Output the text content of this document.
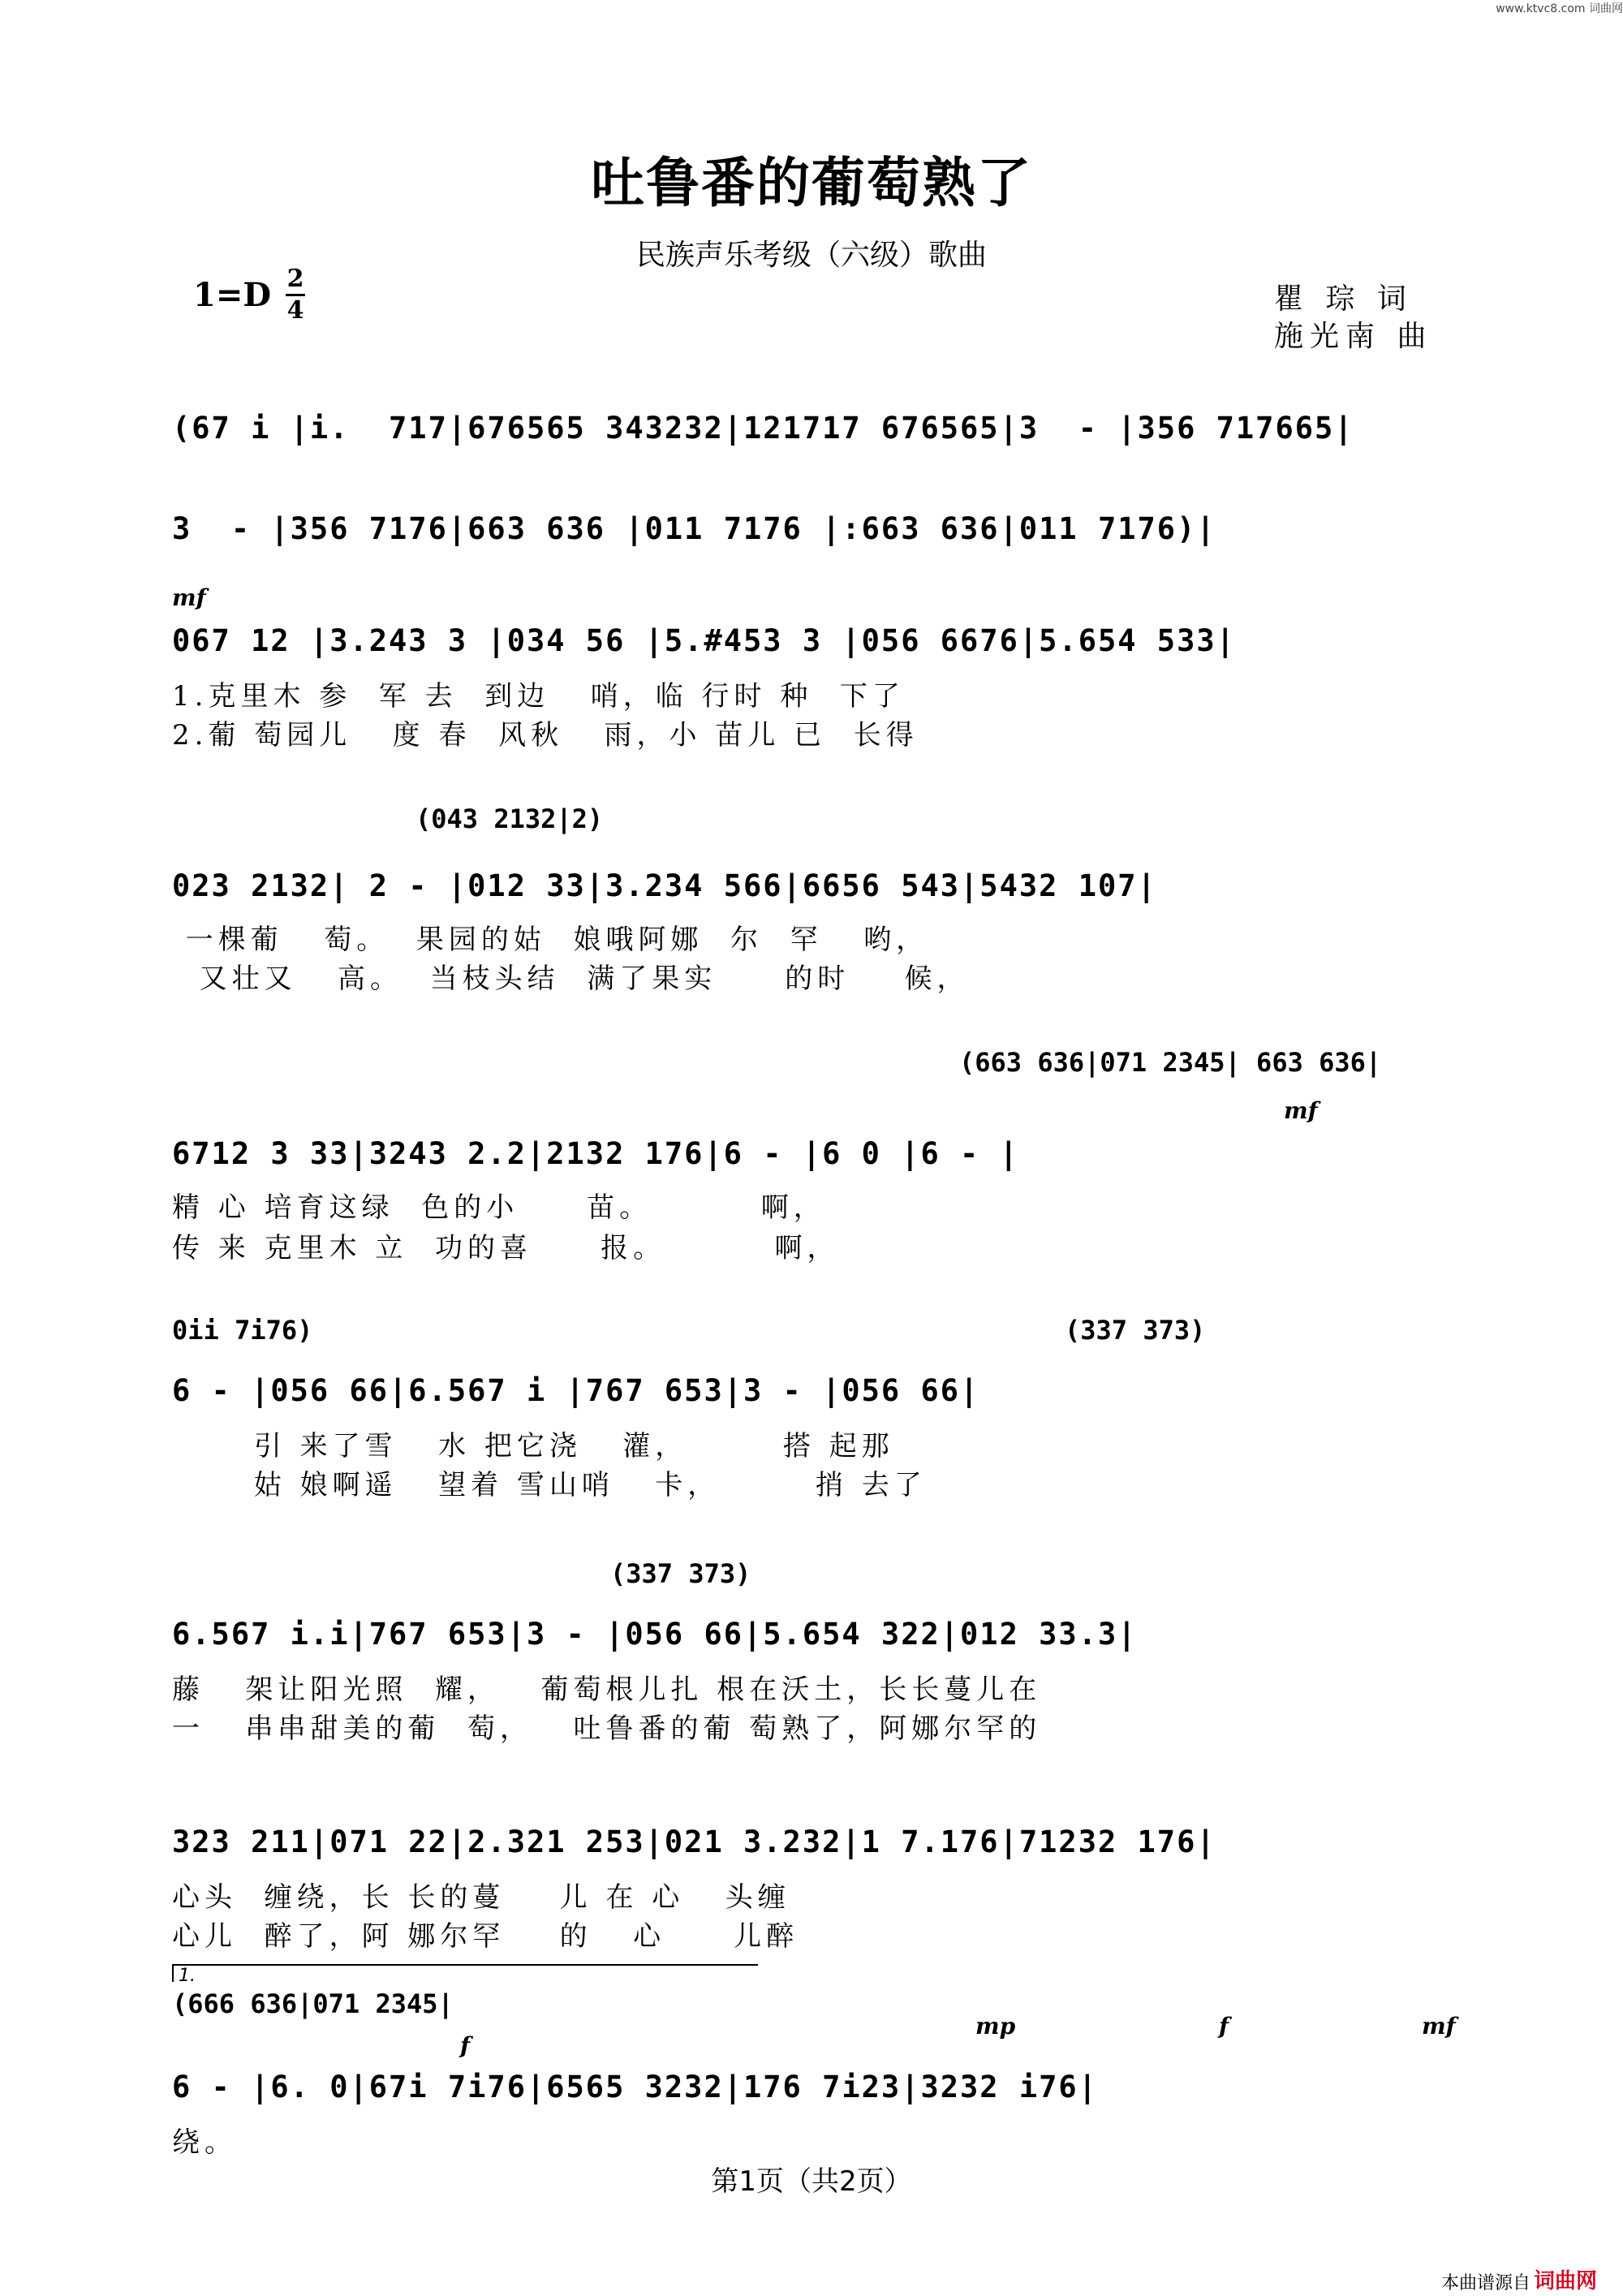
www.ktvc8.com 词曲网
吐鲁番的葡萄熟了
民族声乐考级（六级）歌曲
1=D 2
4	瞿 琮 词
施光南 曲
(67 i |i.  717|676565 343232|121717 676565|3  - |356 717665|
3  - |356 7176|663 636 |011 7176 |:663 636|011 7176)|
mf
067 12 |3.243 3 |034 56 |5.#453 3 |056 6676|5.654 533|
1.克里木 参  军 去  到边   哨，临 行时 种  下了
2.葡 萄园儿   度 春  风秋   雨，小 苗儿 已  长得
(043 2132|2)
023 2132| 2 - |012 33|3.234 566|6656 543|5432 107|
一棵葡   萄。  果园的姑  娘哦阿娜  尔  罕   哟，
又壮又   高。  当枝头结  满了果实     的时    候，
(663 636|071 2345| 663 636|
mf
6712 3 33|3243 2.2|2132 176|6 - |6 0 |6 - |
精 心 培育这绿  色的小     苗。        啊，
传 来 克里木 立  功的喜     报。        啊，
0ii 7i76)	(337 373)
6 - |056 66|6.567 i |767 653|3 - |056 66|
引 来了雪   水 把它浇   灌，       搭 起那
姑 娘啊遥   望着 雪山哨   卡，       捎 去了
(337 373)
6.567 i.i|767 653|3 - |056 66|5.654 322|012 33.3|
藤   架让阳光照  耀，   葡萄根儿扎 根在沃土，长长蔓儿在
一   串串甜美的葡  萄，   吐鲁番的葡 萄熟了，阿娜尔罕的
323 211|071 22|2.321 253|021 3.232|1 7.176|71232 176|
心头  缠绕，长 长的蔓    儿 在 心   头缠
心儿  醉了，阿 娜尔罕    的   心     儿醉
1.
(666 636|071 2345|
f
mp	f	mf
6 - |6. 0|67i 7i76|6565 3232|176 7i23|3232 i76|
绕。
第1页（共2页）
本曲谱源自 词曲网
